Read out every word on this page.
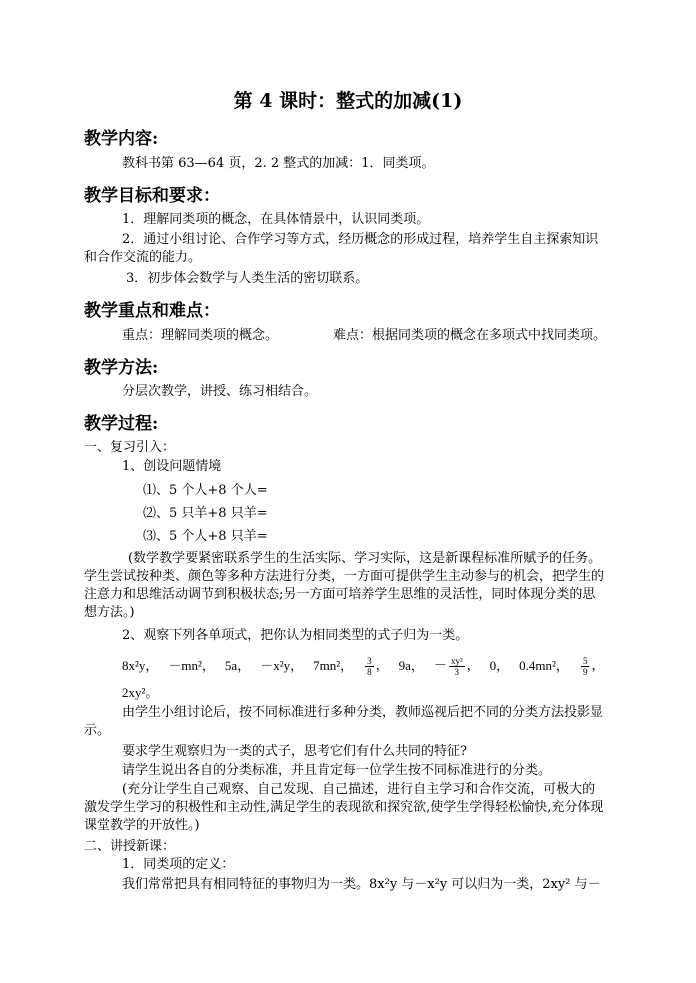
第 4 课时：整式的加减(1)
教学内容:
教科书第 63—64 页，2. 2 整式的加减：1．同类项。
教学目标和要求：
1．理解同类项的概念，在具体情景中，认识同类项。
2．通过小组讨论、合作学习等方式，经历概念的形成过程，培养学生自主探索知识和合作交流的能力。
3．初步体会数学与人类生活的密切联系。
教学重点和难点：
重点：理解同类项的概念。	难点：根据同类项的概念在多项式中找同类项。
教学方法:
分层次教学，讲授、练习相结合。
教学过程:
一、复习引入：
1、创设问题情境
⑴、5 个人+8 个人=
⑵、5 只羊+8 只羊=
⑶、5 个人+8 只羊=
(数学教学要紧密联系学生的生活实际、学习实际，这是新课程标准所赋予的任务。学生尝试按种类、颜色等多种方法进行分类，一方面可提供学生主动参与的机会，把学生的注意力和思维活动调节到积极状态;另一方面可培养学生思维的灵活性，同时体现分类的思想方法。)
2、观察下列各单项式，把你认为相同类型的式子归为一类。
8x²y， －mn²， 5a， －x²y， 7mn²， $\frac{3}{8}$ ， 9a， － $\frac{\text{xy²}}{3}$ ， 0， 0.4mn²， $\frac{5}{9}$ ，
2xy²。
由学生小组讨论后，按不同标准进行多种分类，教师巡视后把不同的分类方法投影显示。
要求学生观察归为一类的式子，思考它们有什么共同的特征?
请学生说出各自的分类标准，并且肯定每一位学生按不同标准进行的分类。
(充分让学生自己观察、自己发现、自己描述，进行自主学习和合作交流，可极大的激发学生学习的积极性和主动性,满足学生的表现欲和探究欲,使学生学得轻松愉快,充分体现课堂教学的开放性。)
二、讲授新课：
1．同类项的定义：
我们常常把具有相同特征的事物归为一类。8x²y 与－x²y 可以归为一类，2xy² 与－
